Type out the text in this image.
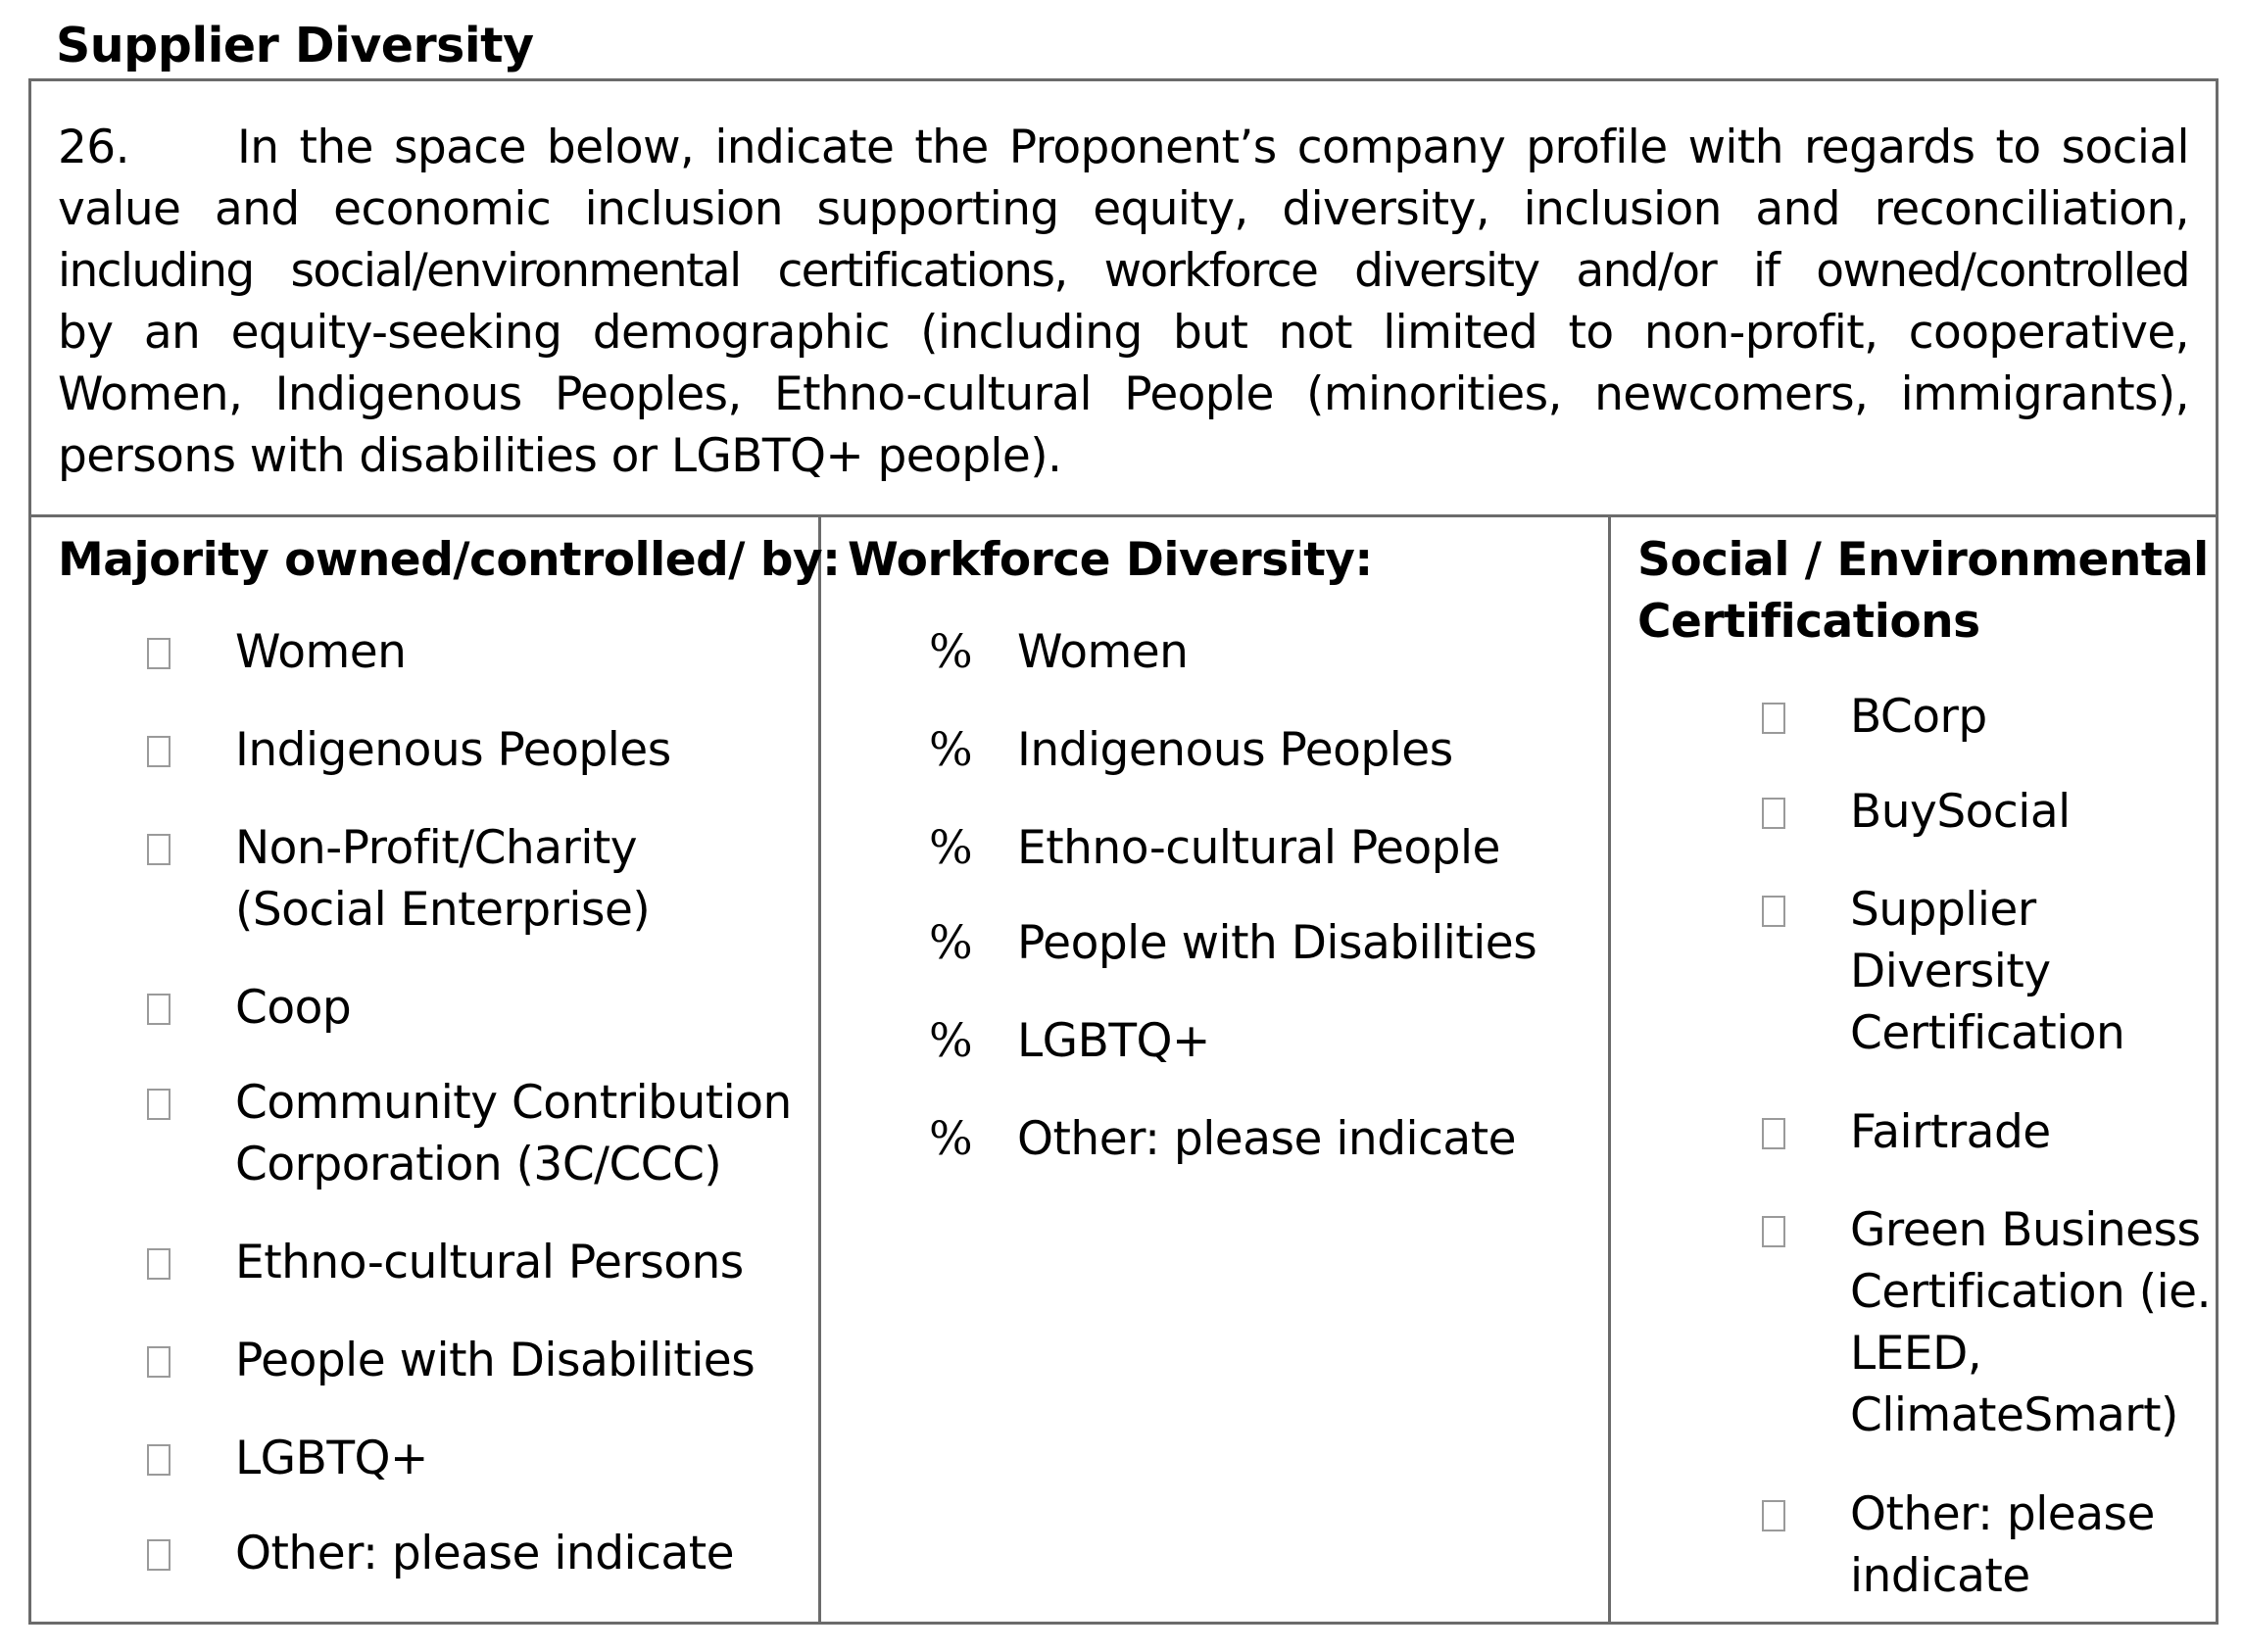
Supplier Diversity
26. In the space below, indicate the Proponent’s company profile with regards to social
value and economic inclusion supporting equity, diversity, inclusion and reconciliation,
including social/environmental certifications, workforce diversity and/or if owned/controlled
by an equity-seeking demographic (including but not limited to non-profit, cooperative,
Women, Indigenous Peoples, Ethno-cultural People (minorities, newcomers, immigrants),
persons with disabilities or LGBTQ+ people).
Majority owned/controlled/ by:
Women
Indigenous Peoples
Non-Profit/Charity
(Social Enterprise)
Coop
Community Contribution
Corporation (3C/CCC)
Ethno-cultural Persons
People with Disabilities
LGBTQ+
Other: please indicate
Workforce Diversity:
% Women
% Indigenous Peoples
% Ethno-cultural People
% People with Disabilities
% LGBTQ+
% Other: please indicate
Social / Environmental
Certifications
BCorp
BuySocial
Supplier
Diversity
Certification
Fairtrade
Green Business
Certification (ie.
LEED,
ClimateSmart)
Other: please
indicate
